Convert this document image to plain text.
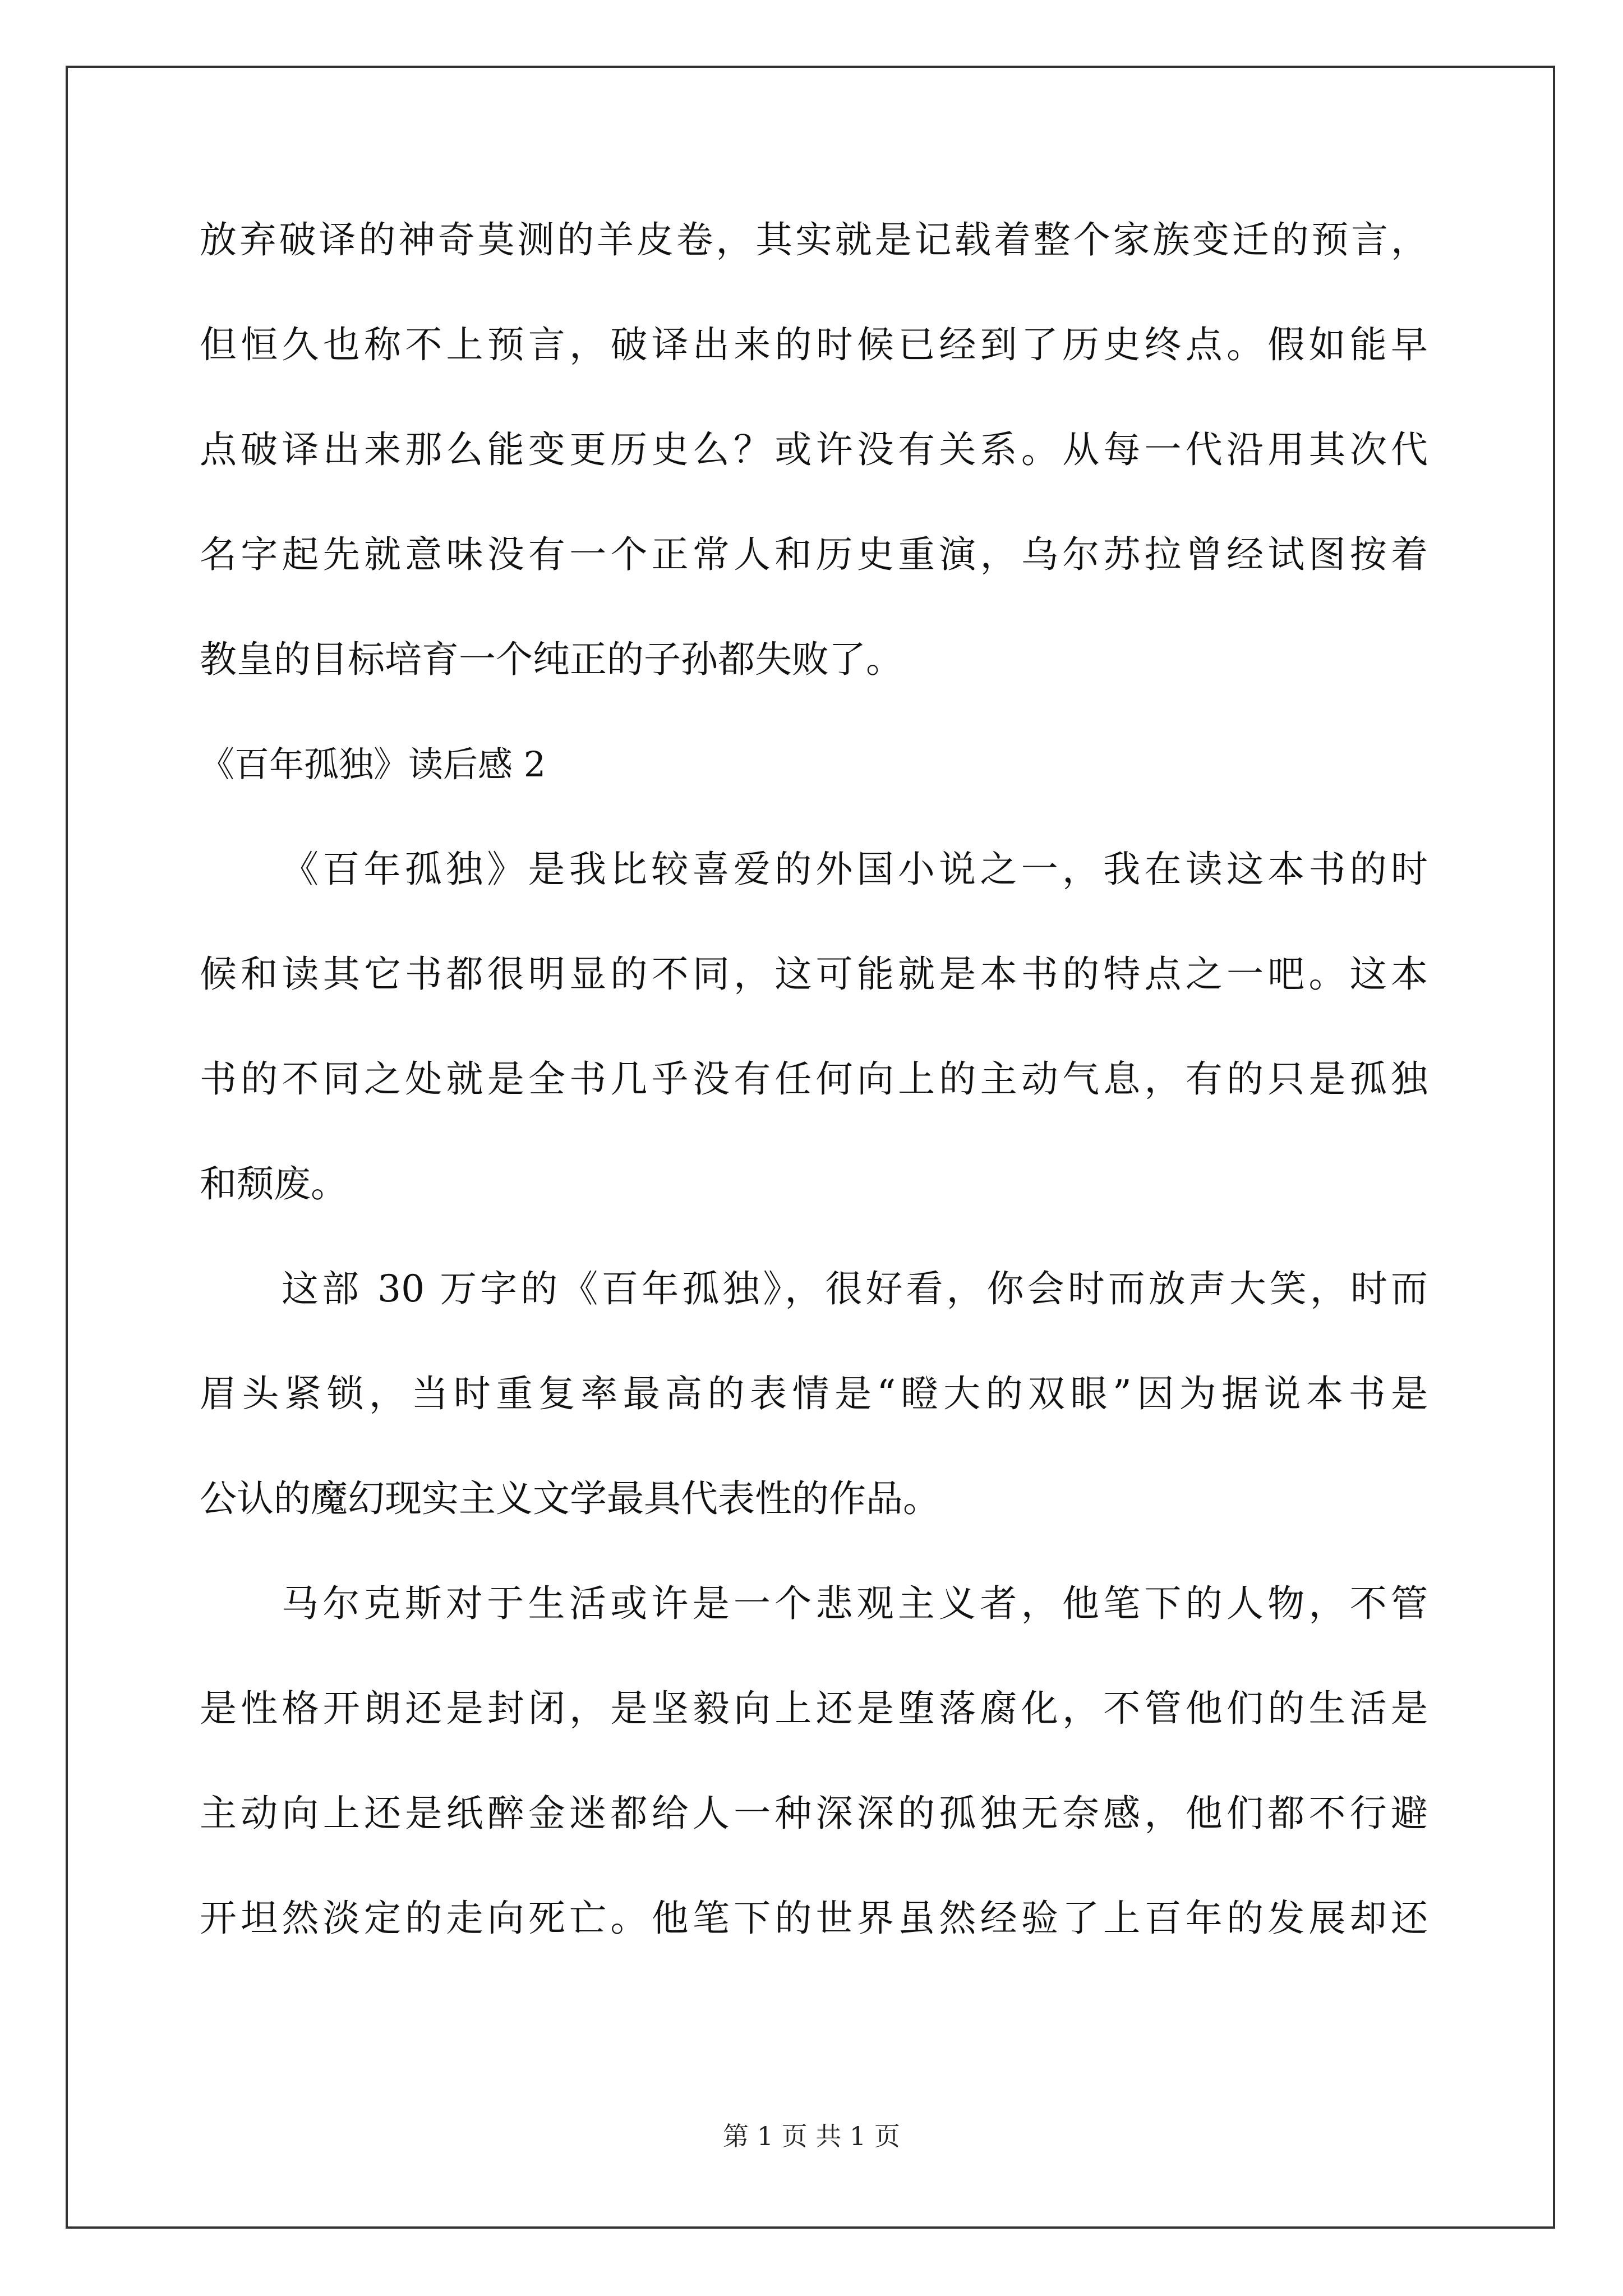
放弃破译的神奇莫测的羊皮卷，其实就是记载着整个家族变迁的预言，
但恒久也称不上预言，破译出来的时候已经到了历史终点。假如能早
点破译出来那么能变更历史么？或许没有关系。从每一代沿用其次代
名字起先就意味没有一个正常人和历史重演，乌尔苏拉曾经试图按着
教皇的目标培育一个纯正的子孙都失败了。
《百年孤独》读后感 2
《百年孤独》是我比较喜爱的外国小说之一，我在读这本书的时
候和读其它书都很明显的不同，这可能就是本书的特点之一吧。这本
书的不同之处就是全书几乎没有任何向上的主动气息，有的只是孤独
和颓废。
这部 30 万字的《百年孤独》，很好看，你会时而放声大笑，时而
眉头紧锁，当时重复率最高的表情是“瞪大的双眼”因为据说本书是
公认的魔幻现实主义文学最具代表性的作品。
马尔克斯对于生活或许是一个悲观主义者，他笔下的人物，不管
是性格开朗还是封闭，是坚毅向上还是堕落腐化，不管他们的生活是
主动向上还是纸醉金迷都给人一种深深的孤独无奈感，他们都不行避
开坦然淡定的走向死亡。他笔下的世界虽然经验了上百年的发展却还
第 1 页 共 1 页
